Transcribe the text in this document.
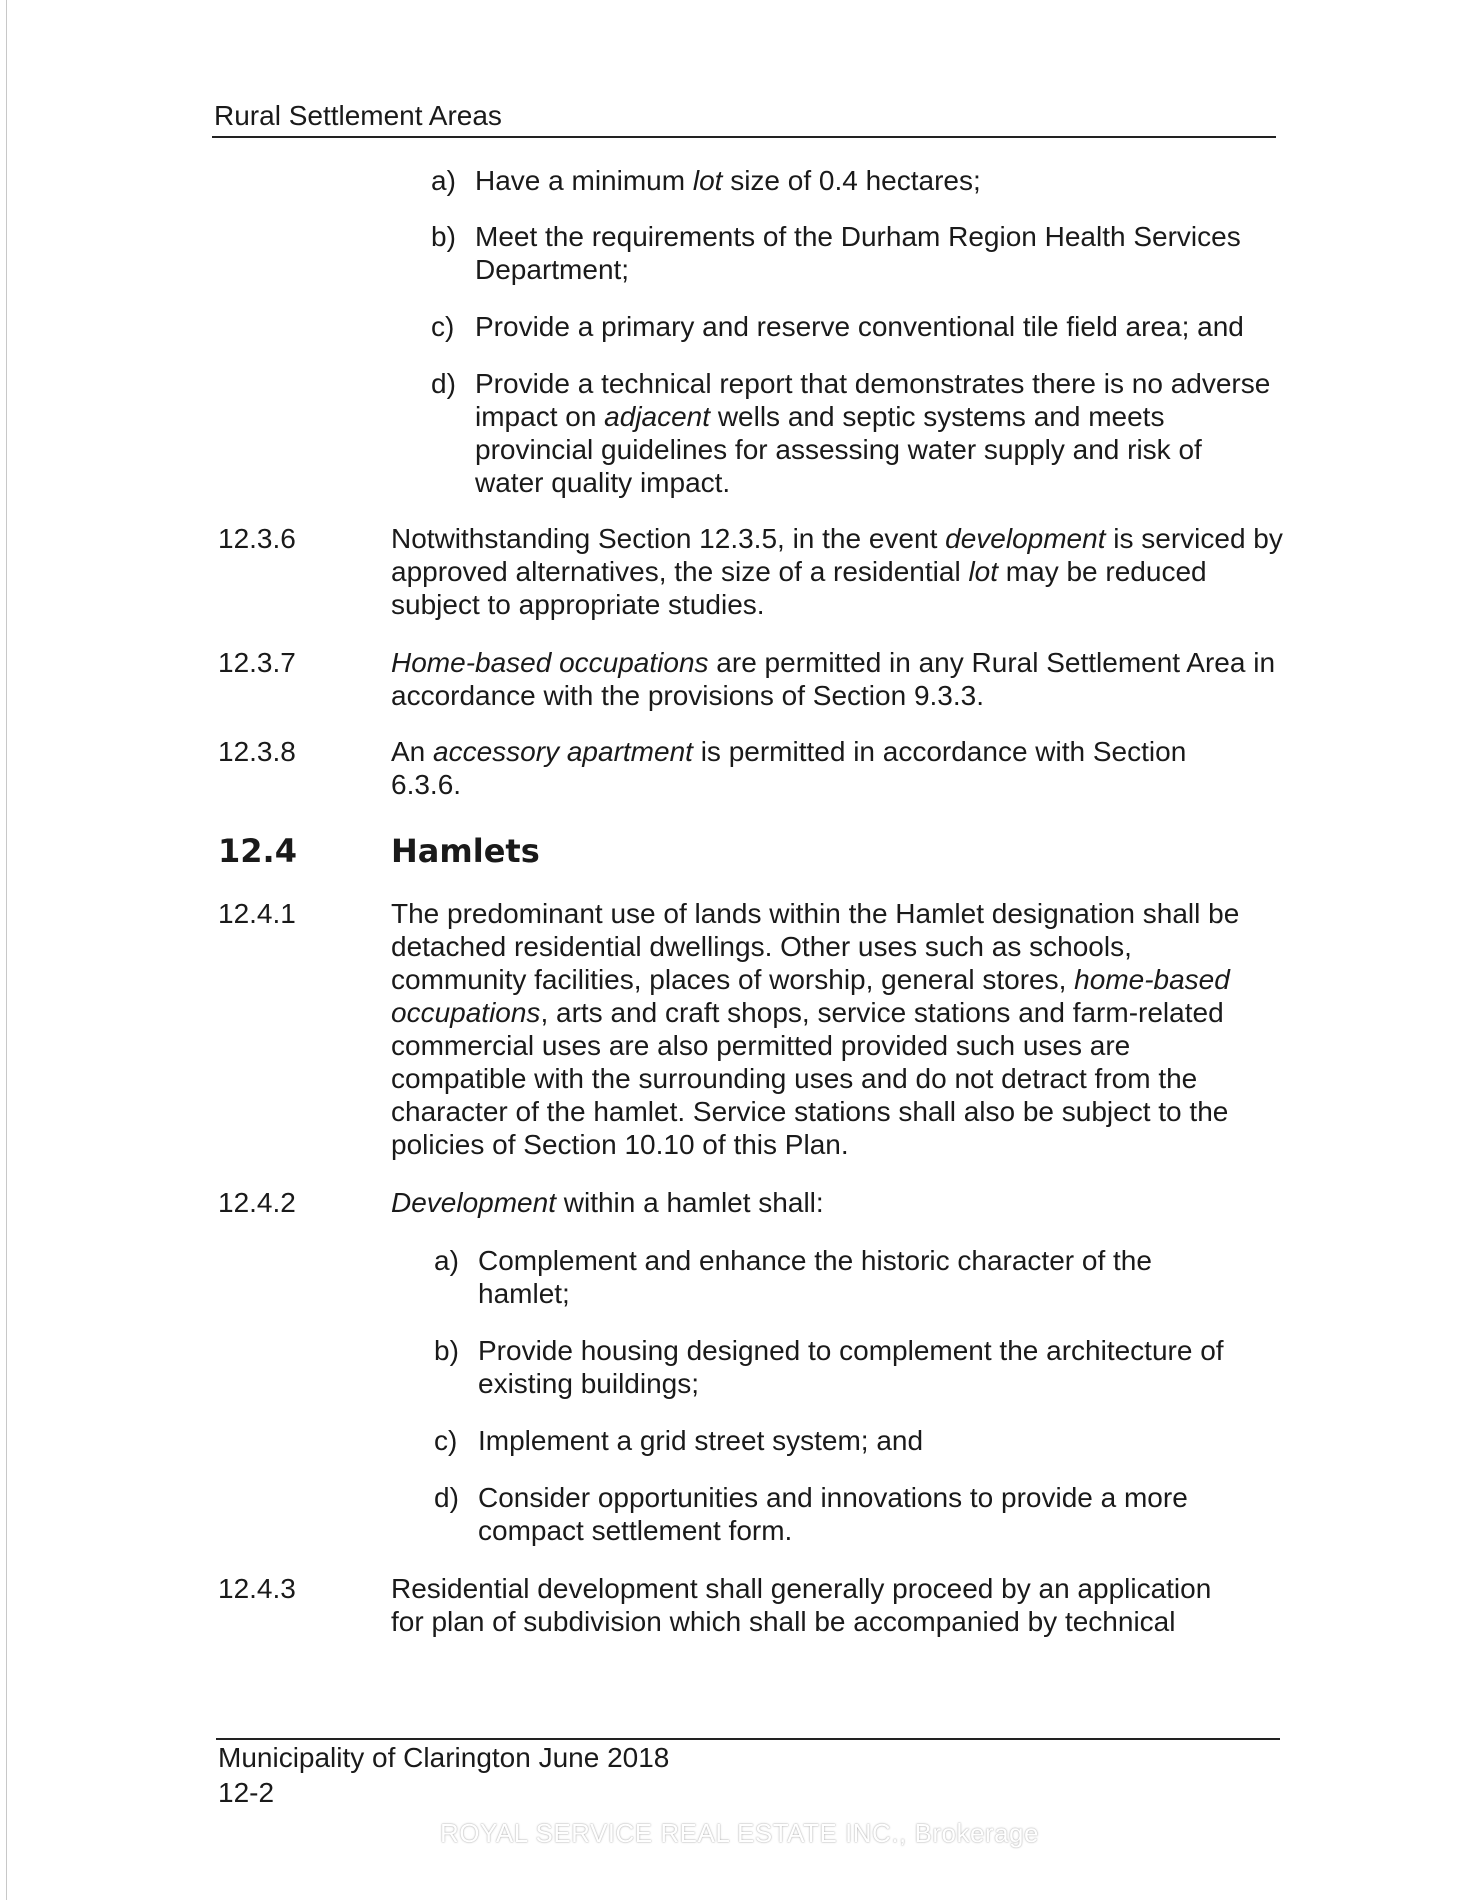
Rural Settlement Areas
a) Have a minimum lot size of 0.4 hectares;
b) Meet the requirements of the Durham Region Health Services Department;
c) Provide a primary and reserve conventional tile field area; and
d) Provide a technical report that demonstrates there is no adverse impact on adjacent wells and septic systems and meets provincial guidelines for assessing water supply and risk of water quality impact.
12.3.6	Notwithstanding Section 12.3.5, in the event development is serviced by approved alternatives, the size of a residential lot may be reduced subject to appropriate studies.
12.3.7	Home-based occupations are permitted in any Rural Settlement Area in accordance with the provisions of Section 9.3.3.
12.3.8	An accessory apartment is permitted in accordance with Section 6.3.6.
12.4	Hamlets
12.4.1	The predominant use of lands within the Hamlet designation shall be detached residential dwellings. Other uses such as schools, community facilities, places of worship, general stores, home-based occupations, arts and craft shops, service stations and farm-related commercial uses are also permitted provided such uses are compatible with the surrounding uses and do not detract from the character of the hamlet. Service stations shall also be subject to the policies of Section 10.10 of this Plan.
12.4.2	Development within a hamlet shall:
a) Complement and enhance the historic character of the hamlet;
b) Provide housing designed to complement the architecture of existing buildings;
c) Implement a grid street system; and
d) Consider opportunities and innovations to provide a more compact settlement form.
12.4.3	Residential development shall generally proceed by an application for plan of subdivision which shall be accompanied by technical
Municipality of Clarington June 2018
12-2
ROYAL SERVICE REAL ESTATE INC., Brokerage
